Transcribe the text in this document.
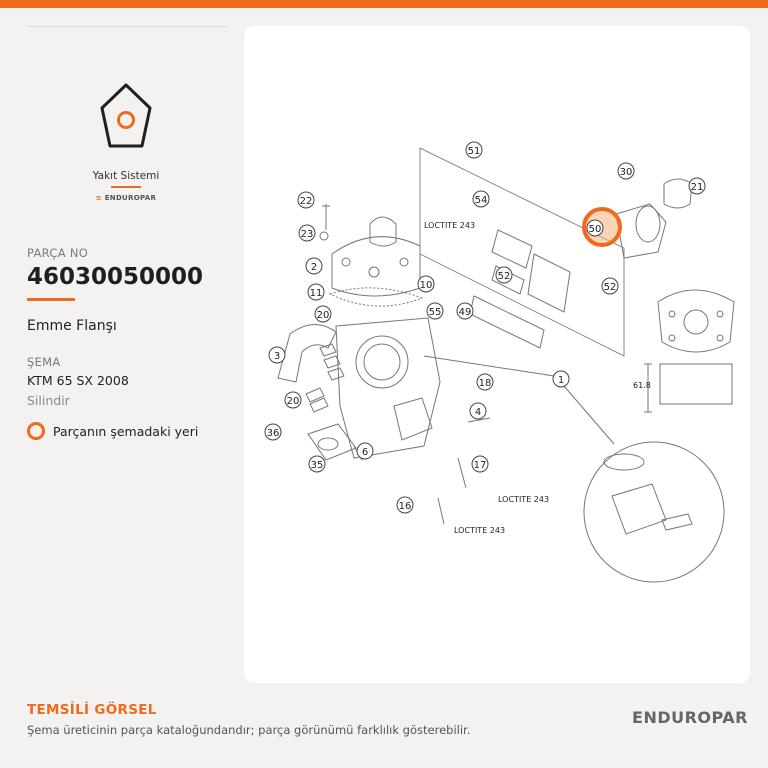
Yakıt Sistemi
≡ ENDUROPAR
PARÇA NO
46030050000
Emme Flanşı
ŞEMA
KTM 65 SX 2008
Silindir
Parçanın şemadaki yeri
51
30
21
54
22
23
2
10
11
55 49
20
52
52
3
1
18
20
4
36
6
35	17
16
50
LOCTITE 243
LOCTITE 243
LOCTITE 243
61.8
TEMSİLİ GÖRSEL
Şema üreticinin parça kataloğundandır; parça görünümü farklılık gösterebilir.
ENDUROPAR
